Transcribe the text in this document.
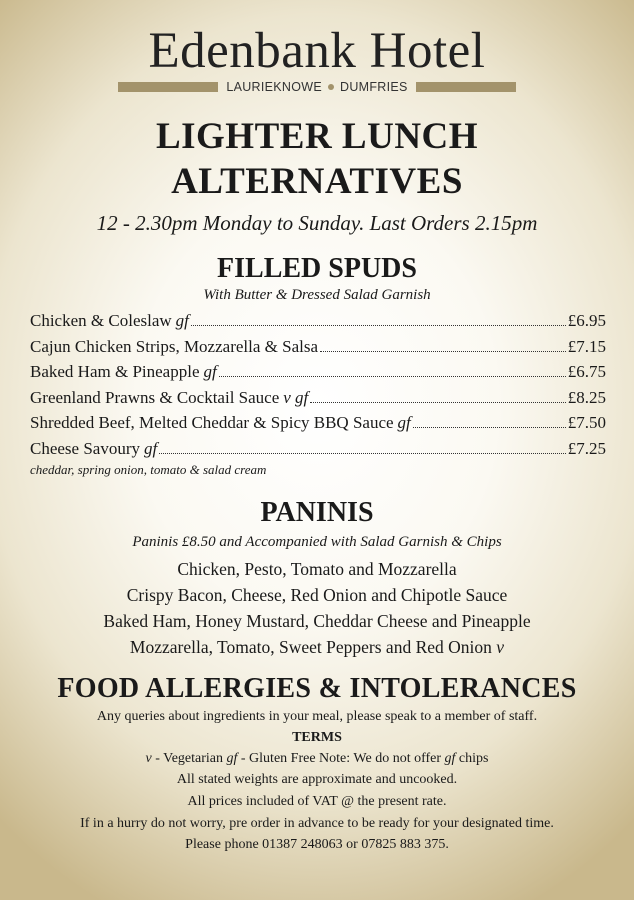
Edenbank Hotel
LAURIEKNOWE DUMFRIES
LIGHTER LUNCH
ALTERNATIVES
12 - 2.30pm Monday to Sunday. Last Orders 2.15pm
FILLED SPUDS
With Butter & Dressed Salad Garnish
Chicken & Coleslaw gf	£6.95
Cajun Chicken Strips, Mozzarella & Salsa	£7.15
Baked Ham & Pineapple gf	£6.75
Greenland Prawns & Cocktail Sauce v gf	£8.25
Shredded Beef, Melted Cheddar & Spicy BBQ Sauce gf	£7.50
Cheese Savoury gf	£7.25
cheddar, spring onion, tomato & salad cream
PANINIS
Paninis £8.50 and Accompanied with Salad Garnish & Chips
Chicken, Pesto, Tomato and Mozzarella
Crispy Bacon, Cheese, Red Onion and Chipotle Sauce
Baked Ham, Honey Mustard, Cheddar Cheese and Pineapple
Mozzarella, Tomato, Sweet Peppers and Red Onion v
FOOD ALLERGIES & INTOLERANCES
Any queries about ingredients in your meal, please speak to a member of staff.
TERMS
v - Vegetarian gf - Gluten Free Note: We do not offer gf chips
All stated weights are approximate and uncooked.
All prices included of VAT @ the present rate.
If in a hurry do not worry, pre order in advance to be ready for your designated time.
Please phone 01387 248063 or 07825 883 375.
